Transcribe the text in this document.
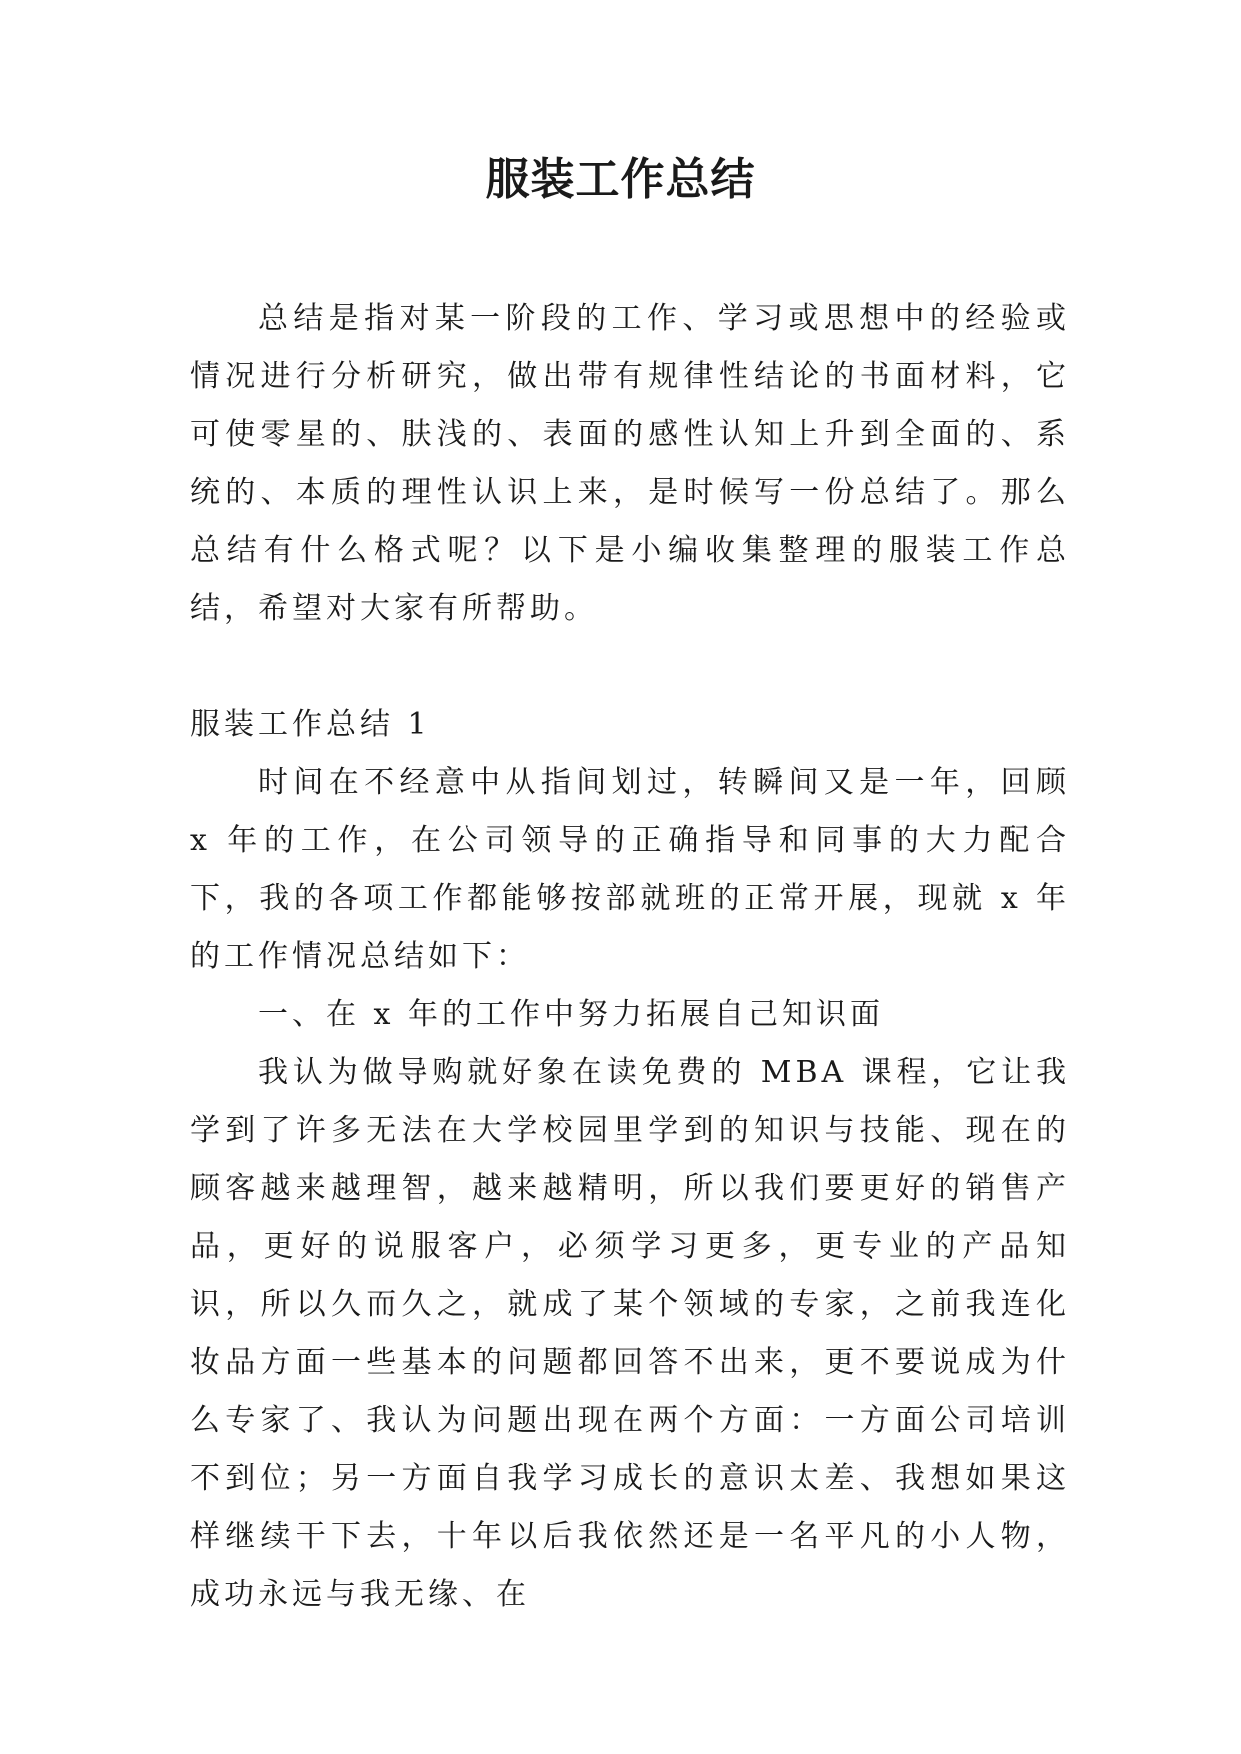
服装工作总结

总结是指对某一阶段的工作、学习或思想中的经验或情况进行分析研究，做出带有规律性结论的书面材料，它可使零星的、肤浅的、表面的感性认知上升到全面的、系统的、本质的理性认识上来，是时候写一份总结了。那么总结有什么格式呢？以下是小编收集整理的服装工作总结，希望对大家有所帮助。

服装工作总结 1

时间在不经意中从指间划过，转瞬间又是一年，回顾 x 年的工作，在公司领导的正确指导和同事的大力配合下，我的各项工作都能够按部就班的正常开展，现就 x 年的工作情况总结如下：

一、在 x 年的工作中努力拓展自己知识面

我认为做导购就好象在读免费的 MBA 课程，它让我学到了许多无法在大学校园里学到的知识与技能、现在的顾客越来越理智，越来越精明，所以我们要更好的销售产品，更好的说服客户，必须学习更多，更专业的产品知识，所以久而久之，就成了某个领域的专家，之前我连化妆品方面一些基本的问题都回答不出来，更不要说成为什么专家了、我认为问题出现在两个方面：一方面公司培训不到位；另一方面自我学习成长的意识太差、我想如果这样继续干下去，十年以后我依然还是一名平凡的小人物，成功永远与我无缘、在
